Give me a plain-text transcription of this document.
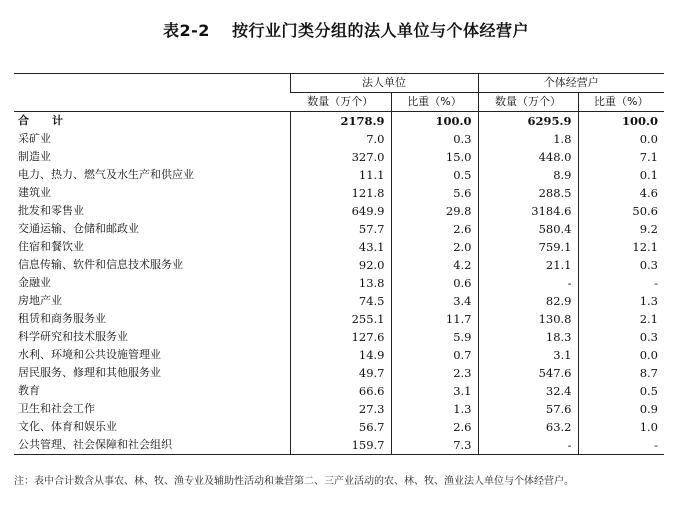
表2-2 按行业门类分组的法人单位与个体经营户
	法人单位		个体经营户	
	数量（万个）	比重（%）	数量（万个）	比重（%）
合　计	2178.9	100.0	6295.9	100.0
采矿业	7.0	0.3	1.8	0.0
制造业	327.0	15.0	448.0	7.1
电力、热力、燃气及水生产和供应业	11.1	0.5	8.9	0.1
建筑业	121.8	5.6	288.5	4.6
批发和零售业	649.9	29.8	3184.6	50.6
交通运输、仓储和邮政业	57.7	2.6	580.4	9.2
住宿和餐饮业	43.1	2.0	759.1	12.1
信息传输、软件和信息技术服务业	92.0	4.2	21.1	0.3
金融业	13.8	0.6	-	-
房地产业	74.5	3.4	82.9	1.3
租赁和商务服务业	255.1	11.7	130.8	2.1
科学研究和技术服务业	127.6	5.9	18.3	0.3
水利、环境和公共设施管理业	14.9	0.7	3.1	0.0
居民服务、修理和其他服务业	49.7	2.3	547.6	8.7
教育	66.6	3.1	32.4	0.5
卫生和社会工作	27.3	1.3	57.6	0.9
文化、体育和娱乐业	56.7	2.6	63.2	1.0
公共管理、社会保障和社会组织	159.7	7.3	-	-
注：表中合计数含从事农、林、牧、渔专业及辅助性活动和兼营第二、三产业活动的农、林、牧、渔业法人单位与个体经营户。
